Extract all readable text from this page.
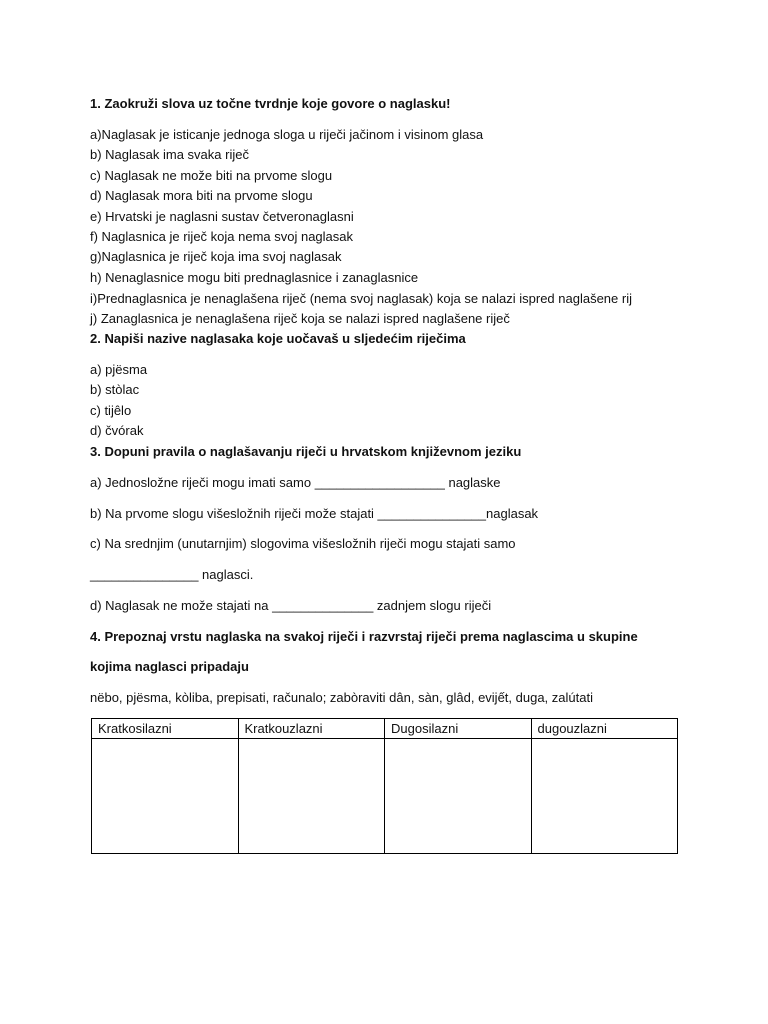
1. Zaokruži slova uz točne tvrdnje koje govore o naglasku!
a)Naglasak je isticanje jednoga sloga u riječi jačinom i visinom glasa
b) Naglasak ima svaka riječ
c) Naglasak ne može biti na prvome slogu
d) Naglasak mora biti na prvome slogu
e) Hrvatski je naglasni sustav četveronaglasni
f) Naglasnica je riječ koja nema svoj naglasak
g)Naglasnica je riječ koja ima svoj naglasak
h) Nenaglasnice mogu biti prednaglasnice i zanaglasnice
i)Prednaglasnica je nenaglašena riječ (nema svoj naglasak) koja se nalazi ispred naglašene rij
j) Zanaglasnica je nenaglašena riječ koja se nalazi ispred naglašene riječ
2. Napiši nazive naglasaka koje uočavaš u sljedećim riječima
a) pjësma
b) stòlac
c) tijêlo
d) čvórak
3. Dopuni pravila o naglašavanju riječi u hrvatskom književnom jeziku
a) Jednosložne riječi mogu imati samo __________________ naglaske
b) Na prvome slogu višesložnih riječi može stajati _______________naglasak
c) Na srednjim (unutarnjim) slogovima višesložnih riječi mogu stajati samo
_______________ naglasci.
d) Naglasak ne može stajati na ______________ zadnjem slogu riječi
4. Prepoznaj vrstu naglaska na svakoj riječi i razvrstaj riječi prema naglascima u skupine
kojima naglasci pripadaju
nëbo, pjësma, kòliba, prepisati, računalo; zabòraviti dân, sàn, glâd, evijết, duga, zalútati
Kratkosilazni	Kratkouzlazni	Dugosilazni	dugouzlazni
